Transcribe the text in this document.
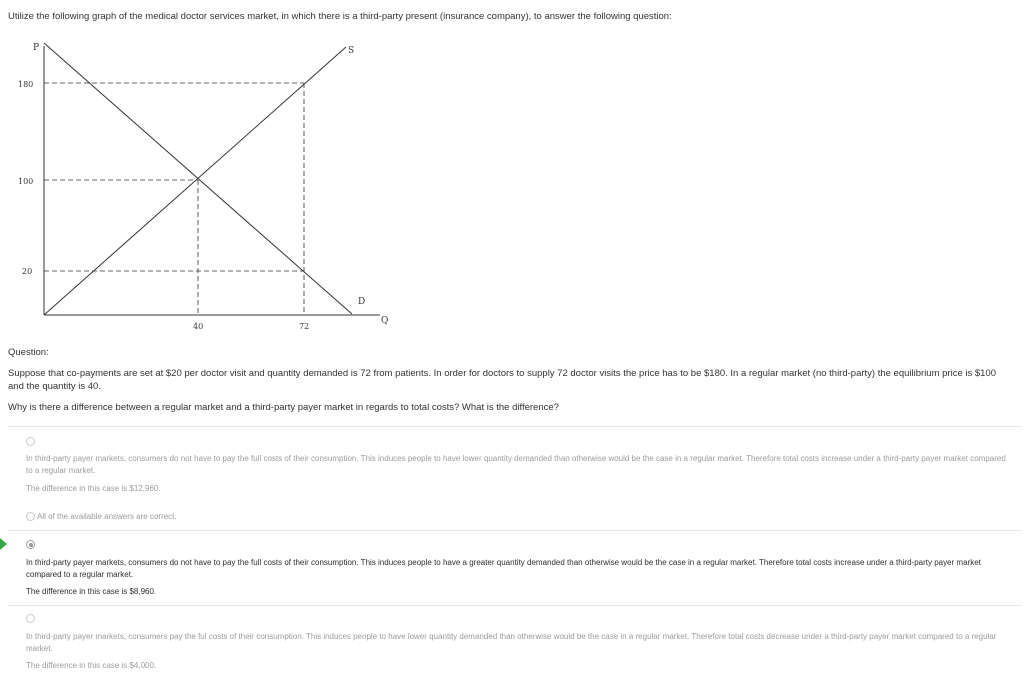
Utilize the following graph of the medical doctor services market, in which there is a third-party present (insurance company), to answer the following question:
P
Q
S
D
180
100
20
40	72
Question:
Suppose that co-payments are set at $20 per doctor visit and quantity demanded is 72 from patients. In order for doctors to supply 72 doctor visits the price has to be $180. In a regular market (no third-party) the equilibrium price is $100 and the quantity is 40.
Why is there a difference between a regular market and a third-party payer market in regards to total costs? What is the difference?
In third-party payer markets, consumers do not have to pay the full costs of their consumption. This induces people to have lower quantity demanded than otherwise would be the case in a regular market. Therefore total costs increase under a third-party payer market compared to a regular market.
The difference in this case is $12,960.
All of the available answers are correct.
In third-party payer markets, consumers do not have to pay the full costs of their consumption. This induces people to have a greater quantity demanded than otherwise would be the case in a regular market. Therefore total costs increase under a third-party payer market compared to a regular market.
The difference in this case is $8,960.
In third-party payer markets, consumers pay the ful costs of their consumption. This induces people to have lower quantity demanded than otherwise would be the case in a regular market. Therefore total costs decrease under a third-party payer market compared to a regular market.
The difference in this case is $4,000.
